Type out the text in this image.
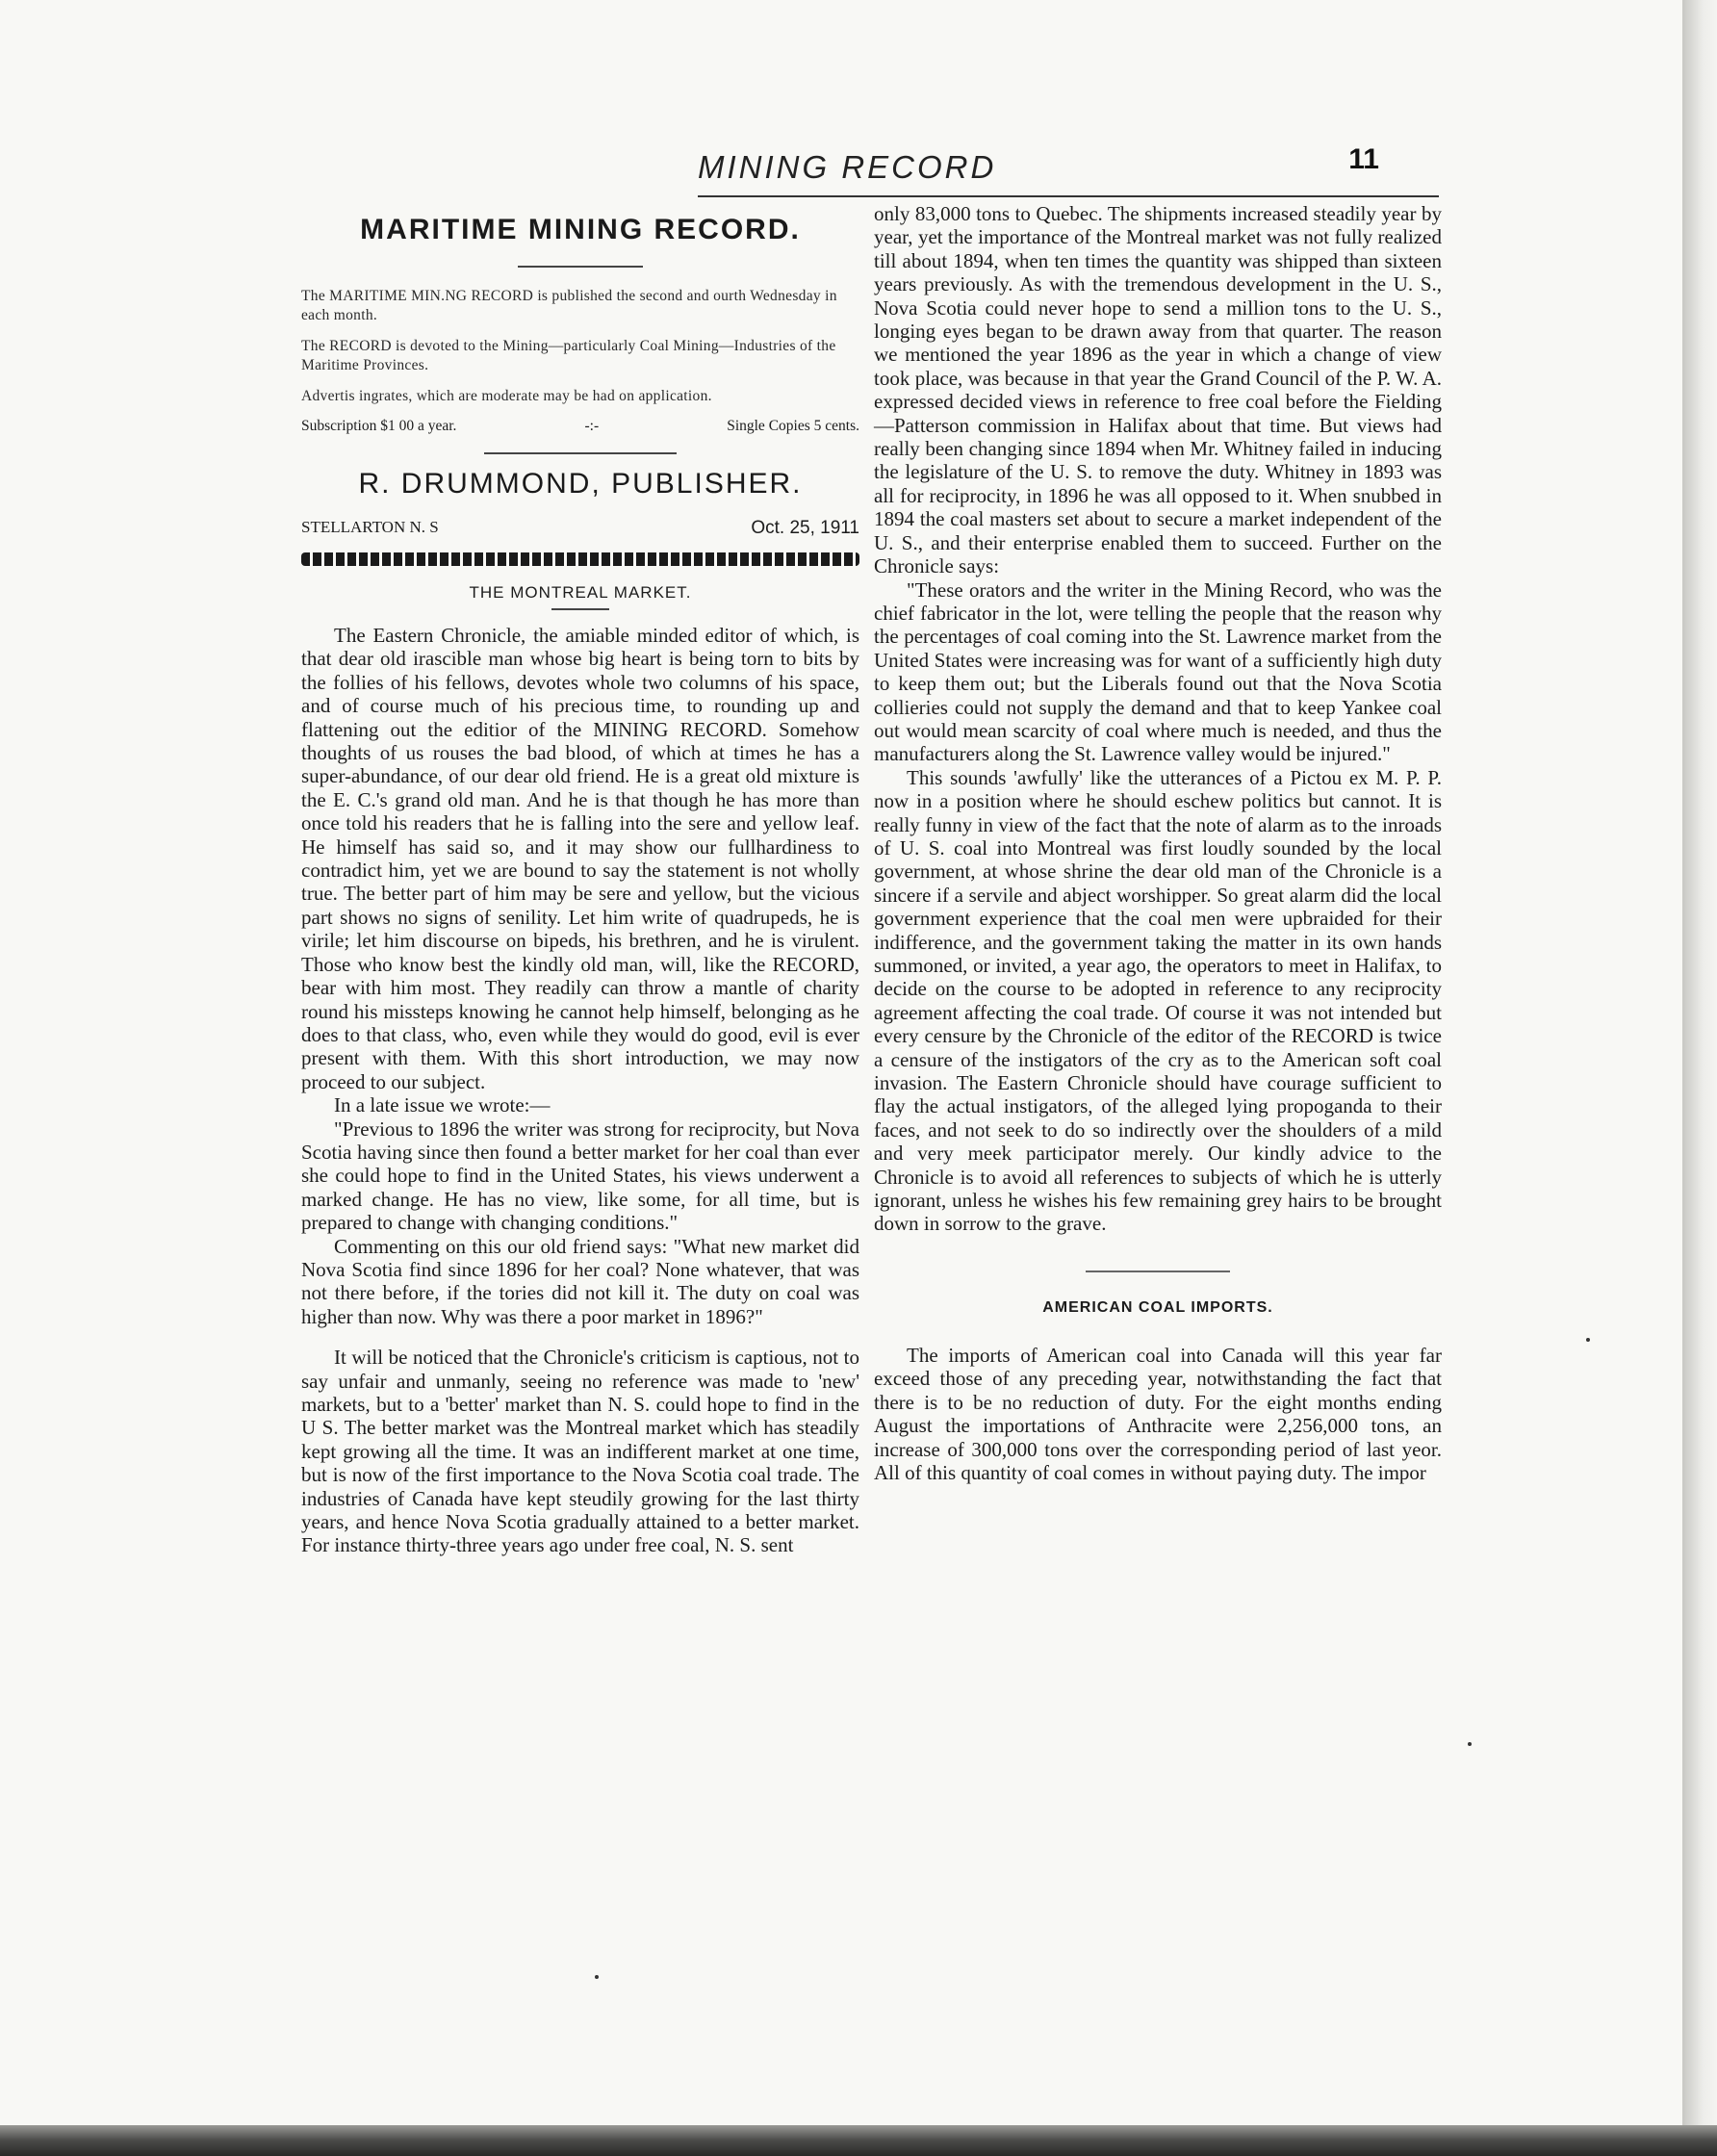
MINING RECORD	11
MARITIME MINING RECORD.

The MARITIME MIN.NG RECORD is published the second and ourth Wednesday in each month.

The RECORD is devoted to the Mining—particularly Coal Mining—Industries of the Maritime Provinces.

Advertis ingrates, which are moderate may be had on application.

Subscription $1 00 a year.	-:-	Single Copies 5 cents.
R. DRUMMOND, PUBLISHER.
STELLARTON N. S	Oct. 25, 1911
THE MONTREAL MARKET.

The Eastern Chronicle, the amiable minded editor of which, is that dear old irascible man whose big heart is being torn to bits by the follies of his fellows, devotes whole two columns of his space, and of course much of his precious time, to rounding up and flattening out the editior of the MINING RECORD. Somehow thoughts of us rouses the bad blood, of which at times he has a super-abundance, of our dear old friend. He is a great old mixture is the E. C.'s grand old man. And he is that though he has more than once told his readers that he is falling into the sere and yellow leaf. He himself has said so, and it may show our fullhardiness to contradict him, yet we are bound to say the statement is not wholly true. The better part of him may be sere and yellow, but the vicious part shows no signs of senility. Let him write of quadrupeds, he is virile; let him discourse on bipeds, his brethren, and he is virulent. Those who know best the kindly old man, will, like the RECORD, bear with him most. They readily can throw a mantle of charity round his missteps knowing he cannot help himself, belonging as he does to that class, who, even while they would do good, evil is ever present with them. With this short introduction, we may now proceed to our subject.

In a late issue we wrote:—

"Previous to 1896 the writer was strong for reciprocity, but Nova Scotia having since then found a better market for her coal than ever she could hope to find in the United States, his views underwent a marked change. He has no view, like some, for all time, but is prepared to change with changing conditions."

Commenting on this our old friend says: "What new market did Nova Scotia find since 1896 for her coal? None whatever, that was not there before, if the tories did not kill it. The duty on coal was higher than now. Why was there a poor market in 1896?"

It will be noticed that the Chronicle's criticism is captious, not to say unfair and unmanly, seeing no reference was made to 'new' markets, but to a 'better' market than N. S. could hope to find in the U S. The better market was the Montreal market which has steadily kept growing all the time. It was an indifferent market at one time, but is now of the first importance to the Nova Scotia coal trade. The industries of Canada have kept steudily growing for the last thirty years, and hence Nova Scotia gradually attained to a better market. For instance thirty-three years ago under free coal, N. S. sent

only 83,000 tons to Quebec. The shipments increased steadily year by year, yet the importance of the Montreal market was not fully realized till about 1894, when ten times the quantity was shipped than sixteen years previously. As with the tremendous development in the U. S., Nova Scotia could never hope to send a million tons to the U. S., longing eyes began to be drawn away from that quarter. The reason we mentioned the year 1896 as the year in which a change of view took place, was because in that year the Grand Council of the P. W. A. expressed decided views in reference to free coal before the Fielding—Patterson commission in Halifax about that time. But views had really been changing since 1894 when Mr. Whitney failed in inducing the legislature of the U. S. to remove the duty. Whitney in 1893 was all for reciprocity, in 1896 he was all opposed to it. When snubbed in 1894 the coal masters set about to secure a market independent of the U. S., and their enterprise enabled them to succeed. Further on the Chronicle says:

"These orators and the writer in the Mining Record, who was the chief fabricator in the lot, were telling the people that the reason why the percentages of coal coming into the St. Lawrence market from the United States were increasing was for want of a sufficiently high duty to keep them out; but the Liberals found out that the Nova Scotia collieries could not supply the demand and that to keep Yankee coal out would mean scarcity of coal where much is needed, and thus the manufacturers along the St. Lawrence valley would be injured."

This sounds 'awfully' like the utterances of a Pictou ex M. P. P. now in a position where he should eschew politics but cannot. It is really funny in view of the fact that the note of alarm as to the inroads of U. S. coal into Montreal was first loudly sounded by the local government, at whose shrine the dear old man of the Chronicle is a sincere if a servile and abject worshipper. So great alarm did the local government experience that the coal men were upbraided for their indifference, and the government taking the matter in its own hands summoned, or invited, a year ago, the operators to meet in Halifax, to decide on the course to be adopted in reference to any reciprocity agreement affecting the coal trade. Of course it was not intended but every censure by the Chronicle of the editor of the RECORD is twice a censure of the instigators of the cry as to the American soft coal invasion. The Eastern Chronicle should have courage sufficient to flay the actual instigators, of the alleged lying propoganda to their faces, and not seek to do so indirectly over the shoulders of a mild and very meek participator merely. Our kindly advice to the Chronicle is to avoid all references to subjects of which he is utterly ignorant, unless he wishes his few remaining grey hairs to be brought down in sorrow to the grave.

AMERICAN COAL IMPORTS.

The imports of American coal into Canada will this year far exceed those of any preceding year, notwithstanding the fact that there is to be no reduction of duty. For the eight months ending August the importations of Anthracite were 2,256,000 tons, an increase of 300,000 tons over the corresponding period of last yeor. All of this quantity of coal comes in without paying duty. The impor
